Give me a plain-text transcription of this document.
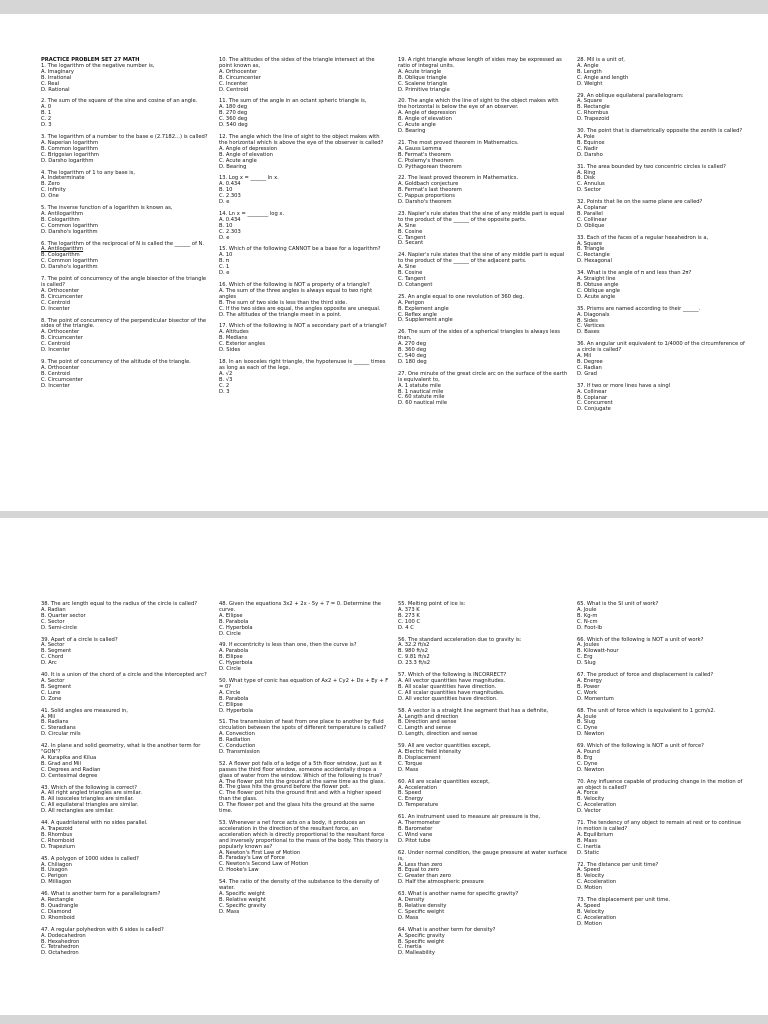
PRACTICE PROBLEM SET 27 MATH
1. The logarithm of the negative number is,
A. Imaginary
B. Irrational
C. Real
D. Rational
2. The sum of the square of the sine and cosine of an angle.
A. 0
B. 1
C. 2
D. 3
3. The logarithm of a number to the base e (2.7182...) is called?
A. Naperian logarithm
B. Common logarithm
C. Briggsian logarithm
D. Darsho logarithm
4. The logarithm of 1 to any base is,
A. Indeterminate
B. Zero
C. Infinity
D. One
5. The inverse function of a logarithm is known as,
A. Antilogarithm
B. Cologarithm
C. Common logarithm
D. Darsho's logarithm
6. The logarithm of the reciprocal of N is called the ______ of N.
A. Antilogarithm
B. Cologarithm
C. Common logarithm
D. Darsho's logarithm
7. The point of concurrency of the angle bisector of the triangle is called?
A. Orthocenter
B. Circumcenter
C. Centroid
D. Incenter
8. The point of concurrency of the perpendicular bisector of the sides of the triangle.
A. Orthocenter
B. Circumcenter
C. Centroid
D. Incenter
9. The point of concurrency of the altitude of the triangle.
A. Orthocenter
B. Centroid
C. Circumcenter
D. Incenter
10. The altitudes of the sides of the triangle intersect at the point known as,
A. Orthocenter
B. Circumcenter
C. Incenter
D. Centroid
11. The sum of the angle in an octant spheric triangle is,
A. 180 deg
B. 270 deg
C. 360 deg
D. 540 deg
12. The angle which the line of sight to the object makes with the horizontal which is above the eye of the observer is called?
A. Angle of depression
B. Angle of elevation
C. Acute angle
D. Bearing
13. Log x = ______ ln x.
A. 0.434
B. 10
C. 2.303
D. e
14. Ln x = ________ log x.
A. 0.434
B. 10
C. 2.303
D. e
15. Which of the following CANNOT be a base for a logarithm?
A. 10
B. π
C. 1
D. e
16. Which of the following is NOT a property of a triangle?
A. The sum of the three angles is always equal to two right angles
B. The sum of two side is less than the third side.
C. If the two sides are equal, the angles opposite are unequal.
D. The altitudes of the triangle meet in a point.
17. Which of the following is NOT a secondary part of a triangle?
A. Altitudes
B. Medians
C. Exterior angles
D. Sides
18. In an isosceles right triangle, the hypotenuse is ______ times as long as each of the legs.
A. √2
B. √3
C. 2
D. 3
19. A right triangle whose length of sides may be expressed as ratio of integral units.
A. Acute triangle
B. Oblique triangle
C. Scalene triangle
D. Primitive triangle
20. The angle which the line of sight to the object makes with the horizontal is below the eye of an observer.
A. Angle of depression
B. Angle of elevation
C. Acute angle
D. Bearing
21. The most proved theorem in Mathematics.
A. Gauss Lemma
B. Fermat's theorem
C. Ptolemy's theorem
D. Pythagorean theorem
22. The least proved theorem in Mathematics.
A. Goldbach conjecture
B. Fermat's last theorem
C. Pappus proportions
D. Darsho's theorem
23. Napier's rule states that the sine of any middle part is equal to the product of the ______ of the opposite parts.
A. Sine
B. Cosine
C. Tangent
D. Secant
24. Napier's rule states that the sine of any middle part is equal to the product of the ______ of the adjacent parts.
A. Sine
B. Cosine
C. Tangent
D. Cotangent
25. An angle equal to one revolution of 360 deg.
A. Perigon
B. Explement angle
C. Reflex angle
D. Supplement angle
26. The sum of the sides of a spherical triangles is always less than,
A. 270 deg
B. 360 deg
C. 540 deg
D. 180 deg
27. One minute of the great circle arc on the surface of the earth is equivalent to,
A. 1 statute mile
B. 1 nautical mile
C. 60 statute mile
D. 60 nautical mile
28. Mil is a unit of,
A. Angle
B. Length
C. Angle and length
D. Weight
29. An oblique equilateral parallelogram:
A. Square
B. Rectangle
C. Rhombus
D. Trapezoid
30. The point that is diametrically opposite the zenith is called?
A. Pole
B. Equinox
C. Nadir
D. Darsho
31. The area bounded by two concentric circles is called?
A. Ring
B. Disk
C. Annulus
D. Sector
32. Points that lie on the same plane are called?
A. Coplanar
B. Parallel
C. Collinear
D. Oblique
33. Each of the faces of a regular hexahedron is a,
A. Square
B. Triangle
C. Rectangle
D. Hexagonal
34. What is the angle of π and less than 2π?
A. Straight line
B. Obtuse angle
C. Oblique angle
D. Acute angle
35. Prisms are named according to their ______.
A. Diagonals
B. Sides
C. Vertices
D. Bases
36. An angular unit equivalent to 1/4000 of the circumference of a circle is called?
A. Mil
B. Degree
C. Radian
D. Grad
37. If two or more lines have a singl
A. Collinear
B. Coplanar
C. Concurrent
D. Conjugate
38. The arc length equal to the radius of the circle is called?
A. Radian
B. Quarter sector
C. Sector
D. Semi-circle
39. Apart of a circle is called?
A. Sector
B. Segment
C. Chord
D. Arc
40. It is a union of the chord of a circle and the intercepted arc?
A. Sector
B. Segment
C. Lune
D. Zone
41. Solid angles are measured in,
A. Mil
B. Radians
C. Steradians
D. Circular mils
42. In plane and solid geometry, what is the another term for "GON"?
A. Kurapika and Kilua
B. Grad and Mil
C. Degrees and Radian
D. Centesimal degree
43. Which of the following is correct?
A. All right angled triangles are similar.
B. All isosceles triangles are similar.
C. All equilateral triangles are similar.
D. All rectangles are similar.
44. A quadrilateral with no sides parallel.
A. Trapezoid
B. Rhombus
C. Rhomboid
D. Trapezium
45. A polygon of 1000 sides is called?
A. Chiliagon
B. Uxagon
C. Perigon
D. Milliagon
46. What is another term for a parallelogram?
A. Rectangle
B. Quadrangle
C. Diamond
D. Rhomboid
47. A regular polyhedron with 6 sides is called?
A. Dodecahedron
B. Hexahedron
C. Tetrahedron
D. Octahedron
48. Given the equations 3x2 + 2x - 5y + 7 = 0. Determine the curve.
A. Ellipse
B. Parabola
C. Hyperbola
D. Circle
49. If eccentricity is less than one, then the curve is?
A. Parabola
B. Ellipse
C. Hyperbola
D. Circle
50. What type of conic has equation of Ax2 + Cy2 + Dx + Ey + F = 0?
A. Circle
B. Parabola
C. Ellipse
D. Hyperbola
51. The transmission of heat from one place to another by fluid circulation between the spots of different temperature is called?
A. Convection
B. Radiation
C. Conduction
D. Transmission
52. A flower pot falls of a ledge of a 5th floor window, just as it passes the third floor window, someone accidentally drops a glass of water from the window. Which of the following is true?
A. The flower pot hits the ground at the same time as the glass.
B. The glass hits the ground before the flower pot.
C. The flower pot hits the ground first and with a higher speed than the glass.
D. The flower pot and the glass hits the ground at the same time.
53. Whenever a net force acts on a body, it produces an acceleration in the direction of the resultant force, an acceleration which is directly proportional to the resultant force and inversely proportional to the mass of the body. This theory is popularly known as?
A. Newton's First Law of Motion
B. Faraday's Law of Force
C. Newton's Second Law of Motion
D. Hooke's Law
54. The ratio of the density of the substance to the density of water.
A. Specific weight
B. Relative weight
C. Specific gravity
D. Mass
55. Melting point of ice is:
A. 373 K
B. 273 K
C. 100 C
D. 4 C
56. The standard acceleration due to gravity is:
A. 32.2 ft/s2
B. 980 ft/s2
C. 9.81 ft/s2
D. 23.3 ft/s2
57. Which of the following is INCORRECT?
A. All vector quantities have magnitudes.
B. All scalar quantities have direction.
C. All scalar quantities have magnitudes.
D. All vector quantities have direction.
58. A vector is a straight line segment that has a definite,
A. Length and direction
B. Direction and sense
C. Length and sense
D. Length, direction and sense
59. All are vector quantities except,
A. Electric field intensity
B. Displacement
C. Torque
D. Mass
60. All are scalar quantities except,
A. Acceleration
B. Speed
C. Energy
D. Temperature
61. An instrument used to measure air pressure is the,
A. Thermometer
B. Barometer
C. Wind vane
D. Pitot tube
62. Under normal condition, the gauge pressure at water surface is,
A. Less than zero
B. Equal to zero
C. Greater than zero
D. Half the atmospheric pressure
63. What is another name for specific gravity?
A. Density
B. Relative density
C. Specific weight
D. Mass
64. What is another term for density?
A. Specific gravity
B. Specific weight
C. Inertia
D. Malleability
65. What is the SI unit of work?
A. Joule
B. Kg-m
C. N-cm
D. Foot-lb
66. Which of the following is NOT a unit of work?
A. Joules
B. Kilowatt-hour
C. Erg
D. Slug
67. The product of force and displacement is called?
A. Energy
B. Power
C. Work
D. Momentum
68. The unit of force which is equivalent to 1 gcm/s2.
A. Joule
B. Slug
C. Dyne
D. Newton
69. Which of the following is NOT a unit of force?
A. Pound
B. Erg
C. Dyne
D. Newton
70. Any influence capable of producing change in the motion of an object is called?
A. Force
B. Velocity
C. Acceleration
D. Vector
71. The tendency of any object to remain at rest or to continue in motion is called?
A. Equilibrium
B. Mass
C. Inertia
D. Static
72. The distance per unit time?
A. Speed
B. Velocity
C. Acceleration
D. Motion
73. The displacement per unit time.
A. Speed
B. Velocity
C. Acceleration
D. Motion
